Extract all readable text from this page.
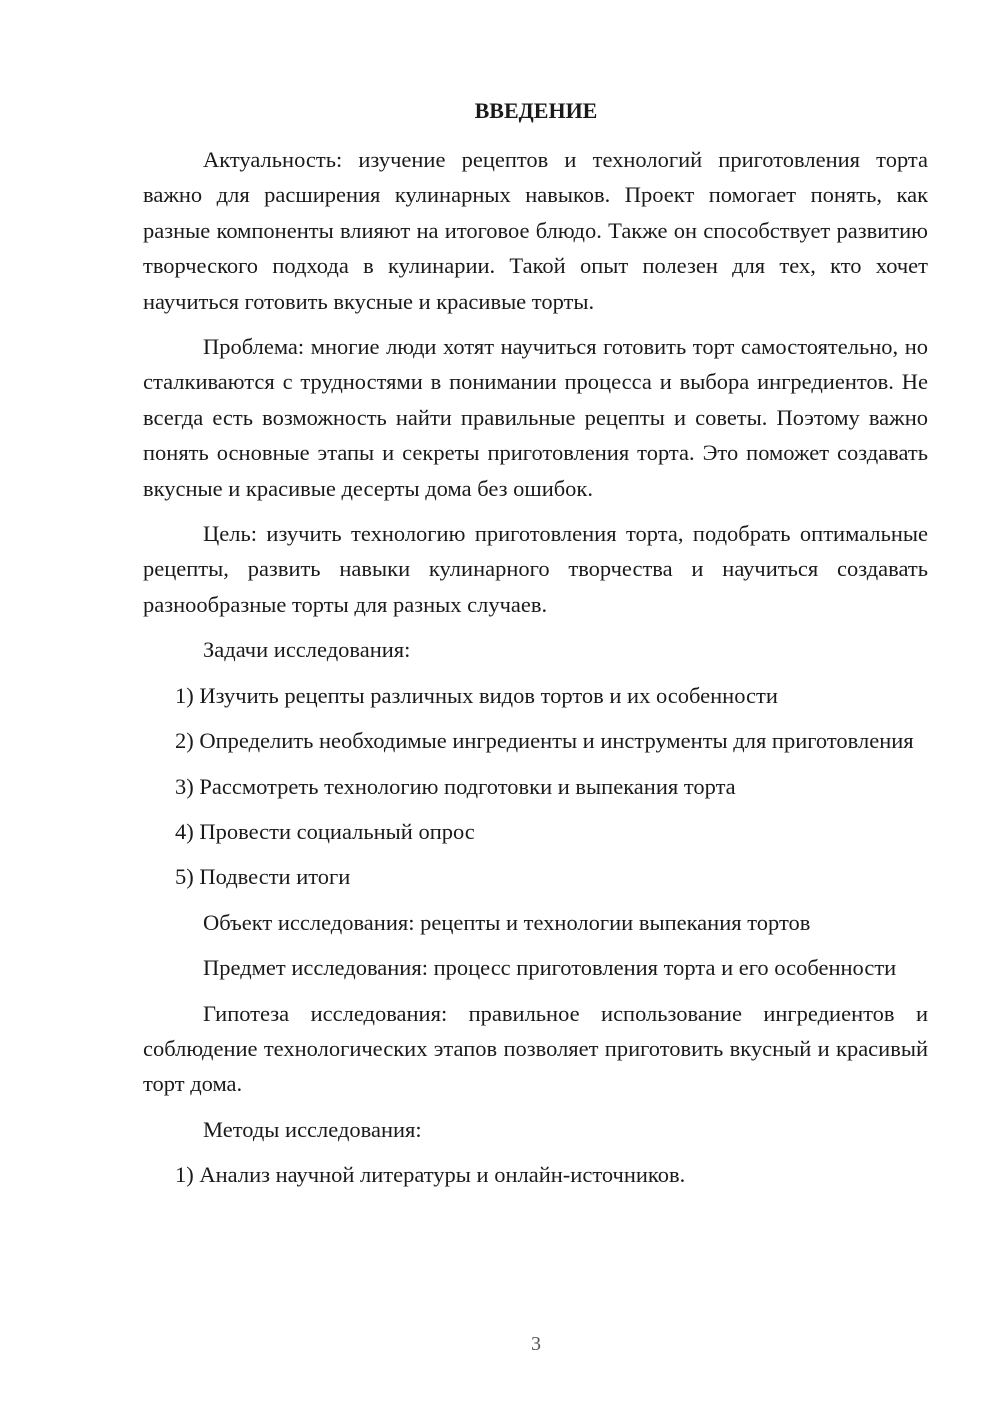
ВВЕДЕНИЕ

Актуальность: изучение рецептов и технологий приготовления торта важно для расширения кулинарных навыков. Проект помогает понять, как разные компоненты влияют на итоговое блюдо. Также он способствует развитию творческого подхода в кулинарии. Такой опыт полезен для тех, кто хочет научиться готовить вкусные и красивые торты.

Проблема: многие люди хотят научиться готовить торт самостоятельно, но сталкиваются с трудностями в понимании процесса и выбора ингредиентов. Не всегда есть возможность найти правильные рецепты и советы. Поэтому важно понять основные этапы и секреты приготовления торта. Это поможет создавать вкусные и красивые десерты дома без ошибок.

Цель: изучить технологию приготовления торта, подобрать оптимальные рецепты, развить навыки кулинарного творчества и научиться создавать разнообразные торты для разных случаев.

Задачи исследования:

1) Изучить рецепты различных видов тортов и их особенности

2) Определить необходимые ингредиенты и инструменты для приготовления

3) Рассмотреть технологию подготовки и выпекания торта

4) Провести социальный опрос

5) Подвести итоги

Объект исследования: рецепты и технологии выпекания тортов

Предмет исследования: процесс приготовления торта и его особенности

Гипотеза исследования: правильное использование ингредиентов и соблюдение технологических этапов позволяет приготовить вкусный и красивый торт дома.

Методы исследования:

1) Анализ научной литературы и онлайн-источников.

3
